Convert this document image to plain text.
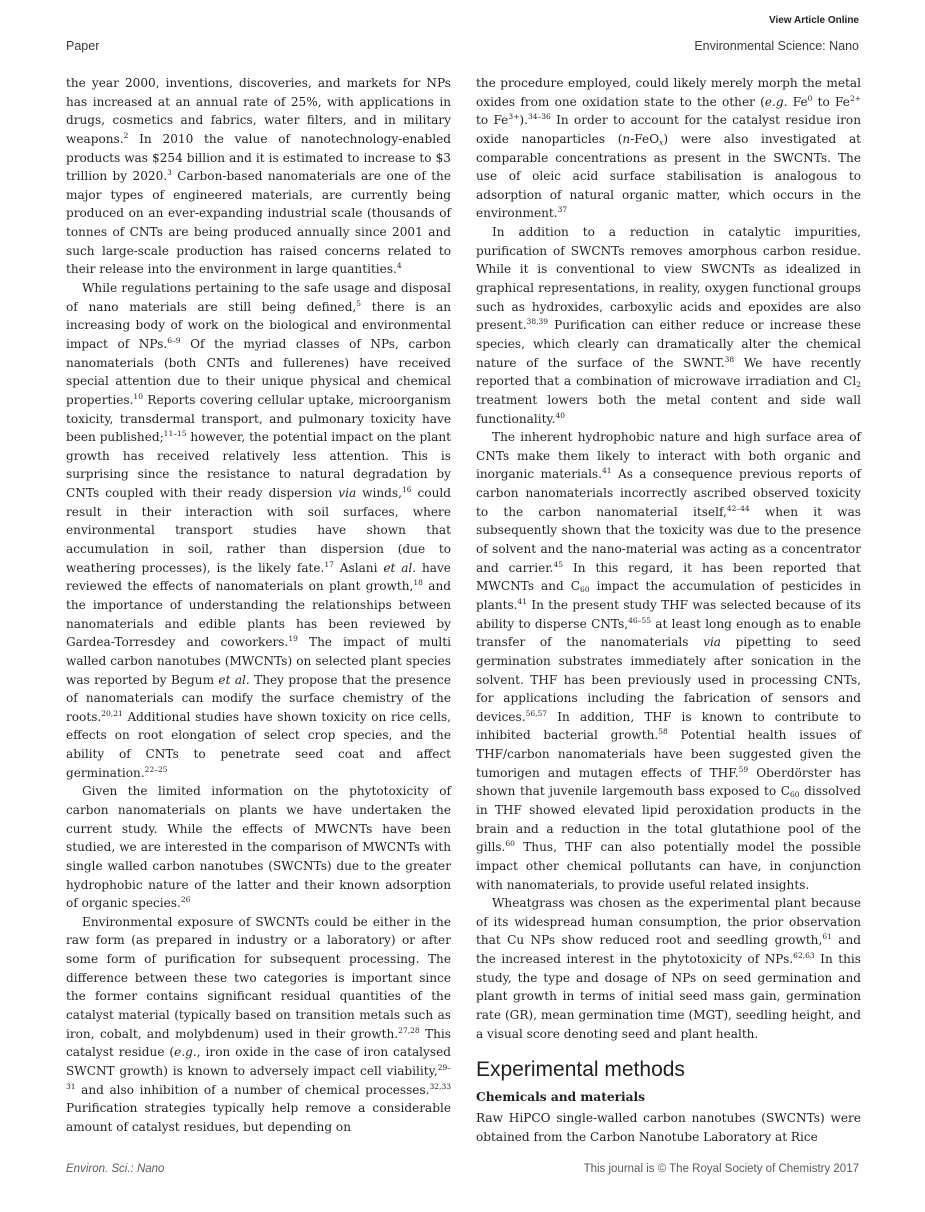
View Article Online
Paper	Environmental Science: Nano

the year 2000, inventions, discoveries, and markets for NPs has increased at an annual rate of 25%, with applications in drugs, cosmetics and fabrics, water filters, and in military weapons.$^2$ In 2010 the value of nanotechnology-enabled products was $254 billion and it is estimated to increase to $3 trillion by 2020.$^3$ Carbon-based nanomaterials are one of the major types of engineered materials, are currently being produced on an ever-expanding industrial scale (thousands of tonnes of CNTs are being produced annually since 2001 and such large-scale production has raised concerns related to their release into the environment in large quantities.$^4$

While regulations pertaining to the safe usage and disposal of nano materials are still being defined,$^5$ there is an increasing body of work on the biological and environmental impact of NPs.$^{6-9}$ Of the myriad classes of NPs, carbon nanomaterials (both CNTs and fullerenes) have received special attention due to their unique physical and chemical properties.$^{10}$ Reports covering cellular uptake, microorganism toxicity, transdermal transport, and pulmonary toxicity have been published;$^{11-15}$ however, the potential impact on the plant growth has received relatively less attention. This is surprising since the resistance to natural degradation by CNTs coupled with their ready dispersion via winds,$^{16}$ could result in their interaction with soil surfaces, where environmental transport studies have shown that accumulation in soil, rather than dispersion (due to weathering processes), is the likely fate.$^{17}$ Aslani et al. have reviewed the effects of nanomaterials on plant growth,$^{18}$ and the importance of understanding the relationships between nanomaterials and edible plants has been reviewed by Gardea-Torresdey and coworkers.$^{19}$ The impact of multi walled carbon nanotubes (MWCNTs) on selected plant species was reported by Begum et al. They propose that the presence of nanomaterials can modify the surface chemistry of the roots.$^{20,21}$ Additional studies have shown toxicity on rice cells, effects on root elongation of select crop species, and the ability of CNTs to penetrate seed coat and affect germination.$^{22-25}$

Given the limited information on the phytotoxicity of carbon nanomaterials on plants we have undertaken the current study. While the effects of MWCNTs have been studied, we are interested in the comparison of MWCNTs with single walled carbon nanotubes (SWCNTs) due to the greater hydrophobic nature of the latter and their known adsorption of organic species.$^{26}$

Environmental exposure of SWCNTs could be either in the raw form (as prepared in industry or a laboratory) or after some form of purification for subsequent processing. The difference between these two categories is important since the former contains significant residual quantities of the catalyst material (typically based on transition metals such as iron, cobalt, and molybdenum) used in their growth.$^{27,28}$ This catalyst residue (e.g., iron oxide in the case of iron catalysed SWCNT growth) is known to adversely impact cell viability,$^{29-31}$ and also inhibition of a number of chemical processes.$^{32,33}$ Purification strategies typically help remove a considerable amount of catalyst residues, but depending on

the procedure employed, could likely merely morph the metal oxides from one oxidation state to the other (e.g. Fe$^0$ to $Fe^{2+}$ to $Fe^{3+}).^{34-36}$ In order to account for the catalyst residue iron oxide nanoparticles (n-FeO$_x$) were also investigated at comparable concentrations as present in the SWCNTs. The use of oleic acid surface stabilisation is analogous to adsorption of natural organic matter, which occurs in the environment.$^{37}$

In addition to a reduction in catalytic impurities, purification of SWCNTs removes amorphous carbon residue. While it is conventional to view SWCNTs as idealized in graphical representations, in reality, oxygen functional groups such as hydroxides, carboxylic acids and epoxides are also present.$^{38,39}$ Purification can either reduce or increase these species, which clearly can dramatically alter the chemical nature of the surface of the SWNT.$^{38}$ We have recently reported that a combination of microwave irradiation and $Cl_2$ treatment lowers both the metal content and side wall functionality.$^{40}$

The inherent hydrophobic nature and high surface area of CNTs make them likely to interact with both organic and inorganic materials.$^{41}$ As a consequence previous reports of carbon nanomaterials incorrectly ascribed observed toxicity to the carbon nanomaterial itself,$^{42-44}$ when it was subsequently shown that the toxicity was due to the presence of solvent and the nano-material was acting as a concentrator and carrier.$^{45}$ In this regard, it has been reported that MWCNTs and $C_{60}$ impact the accumulation of pesticides in plants.$^{41}$ In the present study THF was selected because of its ability to disperse CNTs,$^{46-55}$ at least long enough as to enable transfer of the nanomaterials via pipetting to seed germination substrates immediately after sonication in the solvent. THF has been previously used in processing CNTs, for applications including the fabrication of sensors and devices.$^{56,57}$ In addition, THF is known to contribute to inhibited bacterial growth.$^{58}$ Potential health issues of THF/carbon nanomaterials have been suggested given the tumorigen and mutagen effects of THF.$^{59}$ Oberdörster has shown that juvenile largemouth bass exposed to $C_{60}$ dissolved in THF showed elevated lipid peroxidation products in the brain and a reduction in the total glutathione pool of the gills.$^{60}$ Thus, THF can also potentially model the possible impact other chemical pollutants can have, in conjunction with nanomaterials, to provide useful related insights.

Wheatgrass was chosen as the experimental plant because of its widespread human consumption, the prior observation that Cu NPs show reduced root and seedling growth,$^{61}$ and the increased interest in the phytotoxicity of NPs.$^{62,63}$ In this study, the type and dosage of NPs on seed germination and plant growth in terms of initial seed mass gain, germination rate (GR), mean germination time (MGT), seedling height, and a visual score denoting seed and plant health.

Experimental methods
Chemicals and materials

Raw HiPCO single-walled carbon nanotubes (SWCNTs) were obtained from the Carbon Nanotube Laboratory at Rice

Environ. Sci.: Nano	This journal is © The Royal Society of Chemistry 2017
